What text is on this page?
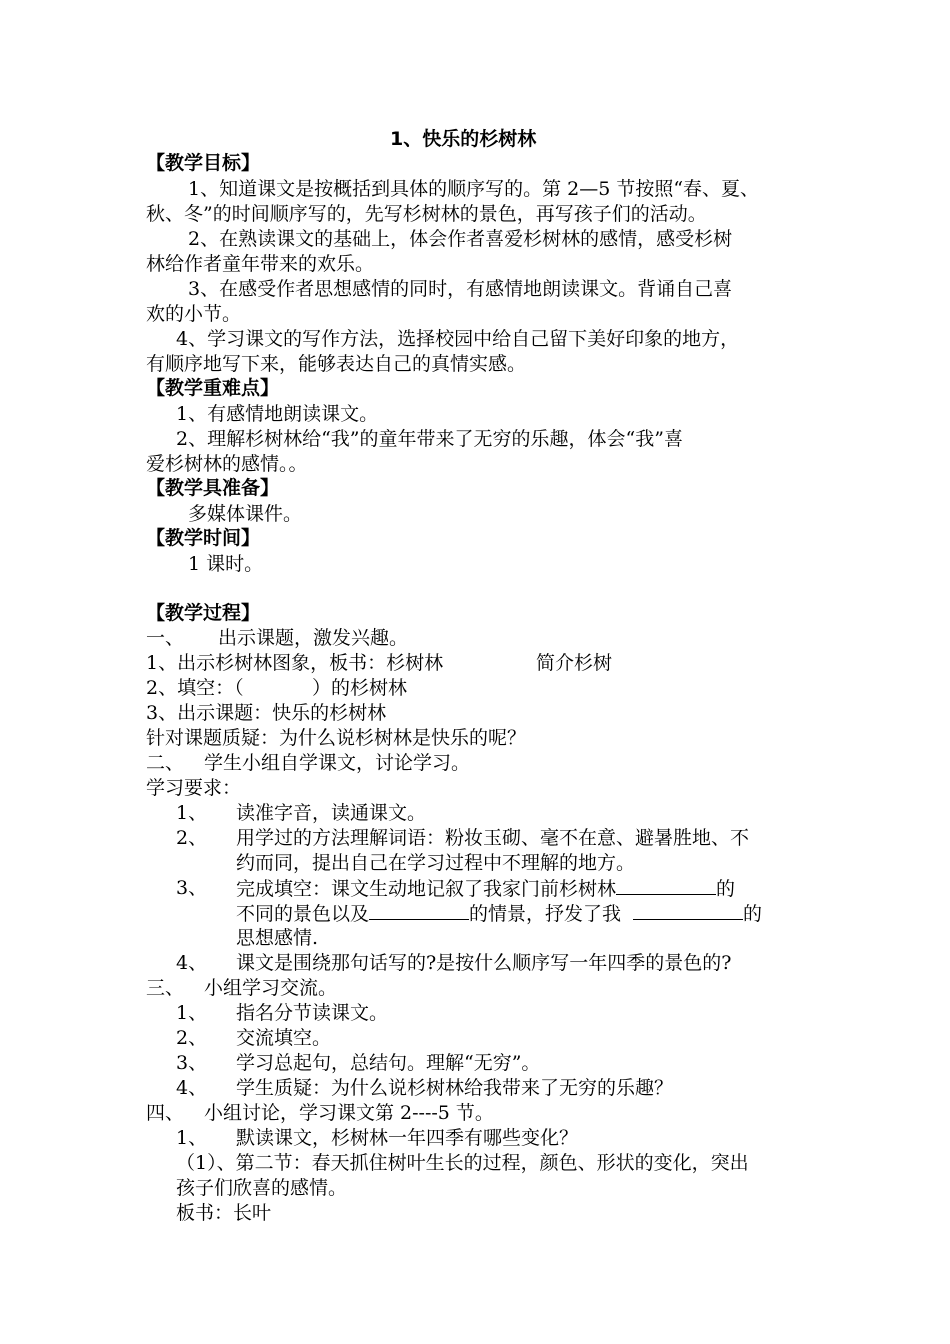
1、快乐的杉树林
【教学目标】
1、知道课文是按概括到具体的顺序写的。第 2—5 节按照“春、夏、
秋、冬”的时间顺序写的，先写杉树林的景色，再写孩子们的活动。
2、在熟读课文的基础上，体会作者喜爱杉树林的感情，感受杉树
林给作者童年带来的欢乐。
3、在感受作者思想感情的同时，有感情地朗读课文。背诵自己喜
欢的小节。
4、学习课文的写作方法，选择校园中给自己留下美好印象的地方，
有顺序地写下来，能够表达自己的真情实感。
【教学重难点】
1、有感情地朗读课文。
2、理解杉树林给“我”的童年带来了无穷的乐趣，体会“我”喜
爱杉树林的感情。。
【教学具准备】
多媒体课件。
【教学时间】
1 课时。
【教学过程】
一、 出示课题，激发兴趣。
1、出示杉树林图象，板书：杉树林	简介杉树
2、填空：（	）的杉树林
3、出示课题：快乐的杉树林
针对课题质疑：为什么说杉树林是快乐的呢？
二、 学生小组自学课文，讨论学习。
学习要求：
1、 读准字音，读通课文。
2、 用学过的方法理解词语：粉妆玉砌、毫不在意、避暑胜地、不
约而同，提出自己在学习过程中不理解的地方。
3、 完成填空：课文生动地记叙了我家门前杉树林	的
不同的景色以及	的情景，抒发了我	的
思想感情.
4、 课文是围绕那句话写的?是按什么顺序写一年四季的景色的?
三、 小组学习交流。
1、 指名分节读课文。
2、 交流填空。
3、 学习总起句，总结句。理解“无穷”。
4、 学生质疑：为什么说杉树林给我带来了无穷的乐趣？
四、 小组讨论，学习课文第 2----5 节。
1、 默读课文，杉树林一年四季有哪些变化？
（1）、第二节：春天抓住树叶生长的过程，颜色、形状的变化，突出
孩子们欣喜的感情。
板书：长叶
